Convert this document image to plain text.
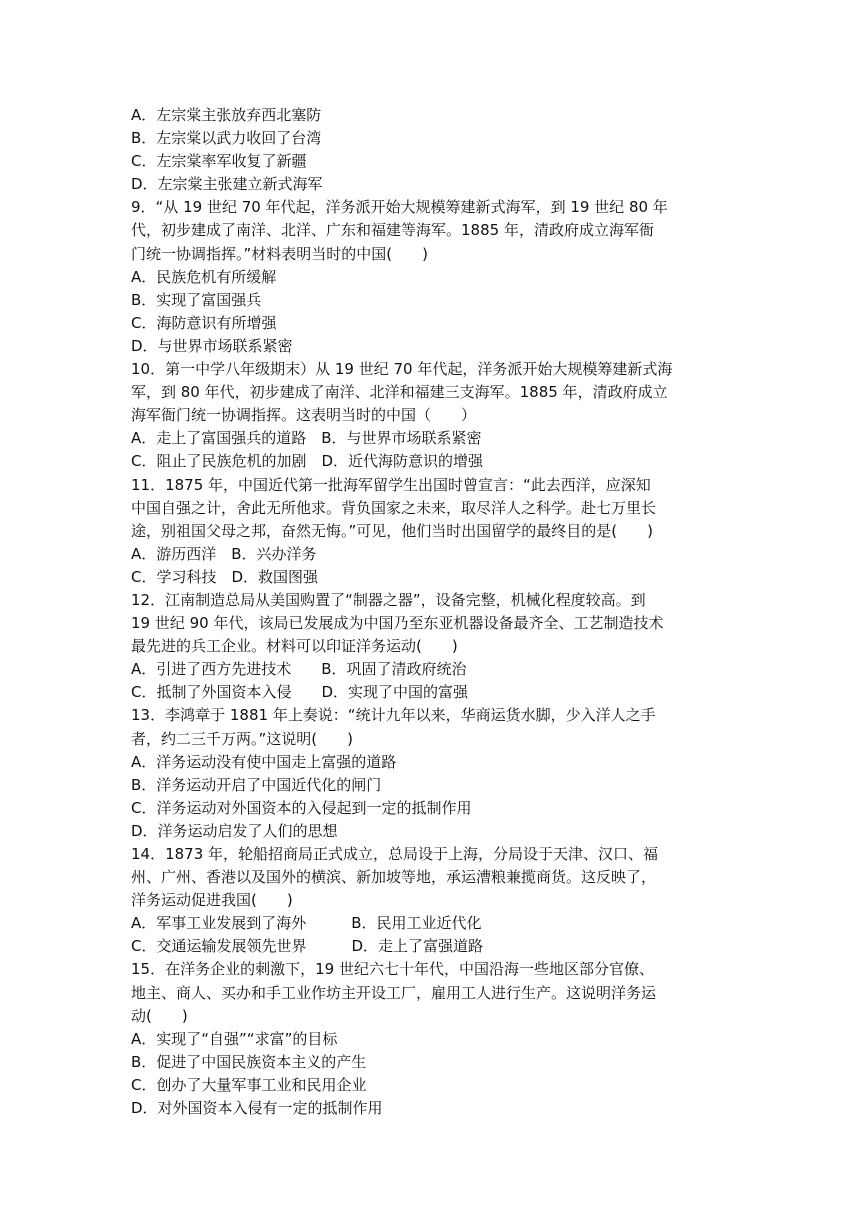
A．左宗棠主张放弃西北塞防
B．左宗棠以武力收回了台湾
C．左宗棠率军收复了新疆
D．左宗棠主张建立新式海军
9．“从 19 世纪 70 年代起，洋务派开始大规模筹建新式海军，到 19 世纪 80 年
代，初步建成了南洋、北洋、广东和福建等海军。1885 年，清政府成立海军衙
门统一协调指挥。”材料表明当时的中国(　　)
A．民族危机有所缓解
B．实现了富国强兵
C．海防意识有所增强
D．与世界市场联系紧密
10．第一中学八年级期末）从 19 世纪 70 年代起，洋务派开始大规模筹建新式海
军，到 80 年代，初步建成了南洋、北洋和福建三支海军。1885 年，清政府成立
海军衙门统一协调指挥。这表明当时的中国（　　）
A．走上了富国强兵的道路　B．与世界市场联系紧密
C．阻止了民族危机的加剧　D．近代海防意识的增强
11．1875 年，中国近代第一批海军留学生出国时曾宣言：“此去西洋，应深知
中国自强之计，舍此无所他求。背负国家之未来，取尽洋人之科学。赴七万里长
途，别祖国父母之邦，奋然无悔。”可见，他们当时出国留学的最终目的是(　　)
A．游历西洋　B．兴办洋务
C．学习科技　D．救国图强
12．江南制造总局从美国购置了“制器之器”，设备完整，机械化程度较高。到
19 世纪 90 年代，该局已发展成为中国乃至东亚机器设备最齐全、工艺制造技术
最先进的兵工企业。材料可以印证洋务运动(　　)
A．引进了西方先进技术　　B．巩固了清政府统治
C．抵制了外国资本入侵　　D．实现了中国的富强
13．李鸿章于 1881 年上奏说：“统计九年以来，华商运货水脚，少入洋人之手
者，约二三千万两。”这说明(　　)
A．洋务运动没有使中国走上富强的道路
B．洋务运动开启了中国近代化的闸门
C．洋务运动对外国资本的入侵起到一定的抵制作用
D．洋务运动启发了人们的思想
14．1873 年，轮船招商局正式成立，总局设于上海，分局设于天津、汉口、福
州、广州、香港以及国外的横滨、新加坡等地，承运漕粮兼揽商货。这反映了，
洋务运动促进我国(　　)
A．军事工业发展到了海外　　　B．民用工业近代化
C．交通运输发展领先世界　　　D．走上了富强道路
15．在洋务企业的刺激下，19 世纪六七十年代，中国沿海一些地区部分官僚、
地主、商人、买办和手工业作坊主开设工厂，雇用工人进行生产。这说明洋务运
动(　　)
A．实现了“自强”“求富”的目标
B．促进了中国民族资本主义的产生
C．创办了大量军事工业和民用企业
D．对外国资本入侵有一定的抵制作用
